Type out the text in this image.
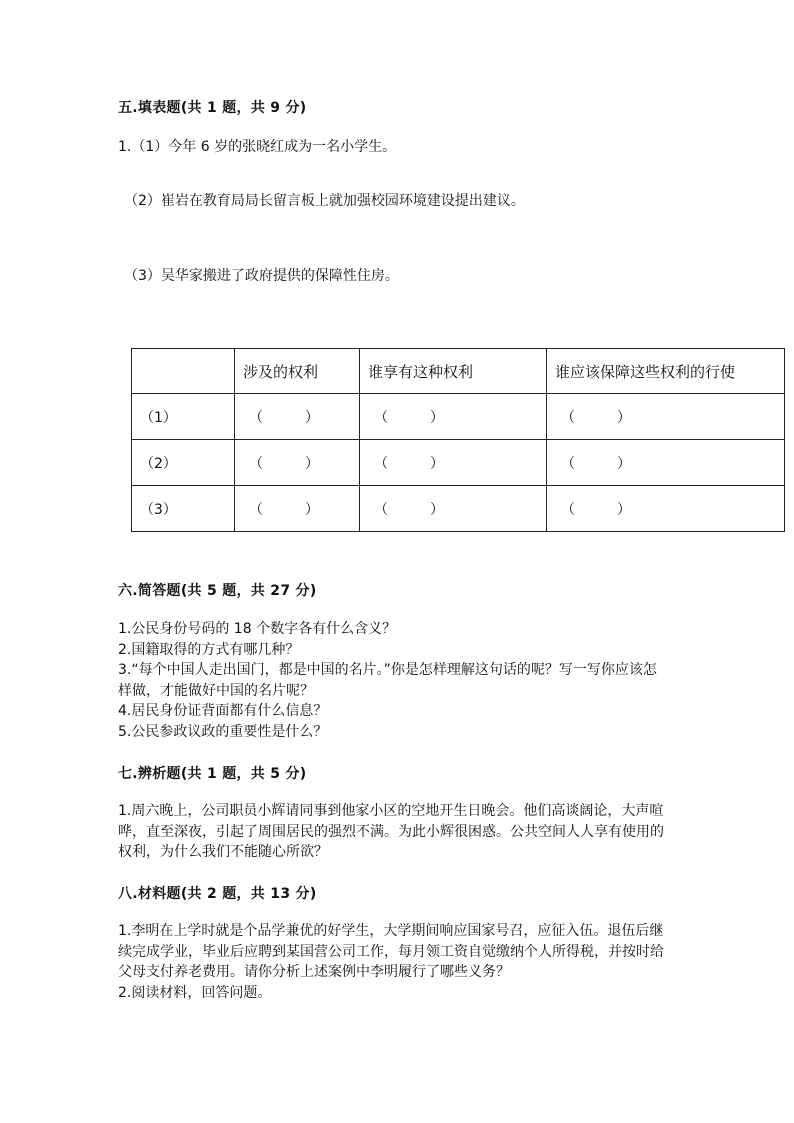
五.填表题(共 1 题，共 9 分)
1.（1）今年 6 岁的张晓红成为一名小学生。
（2）崔岩在教育局局长留言板上就加强校园环境建设提出建议。
（3）吴华家搬进了政府提供的保障性住房。
	涉及的权利	谁享有这种权利	谁应该保障这些权利的行使
（1）	（　　　）	（　　　）	（　　　）
（2）	（　　　）	（　　　）	（　　　）
（3）	（　　　）	（　　　）	（　　　）
六.简答题(共 5 题，共 27 分)

1.公民身份号码的 18 个数字各有什么含义？

2.国籍取得的方式有哪几种？

3.“每个中国人走出国门，都是中国的名片。”你是怎样理解这句话的呢？写一写你应该怎样做，才能做好中国的名片呢？

4.居民身份证背面都有什么信息？

5.公民参政议政的重要性是什么？

七.辨析题(共 1 题，共 5 分)

1.周六晚上，公司职员小辉请同事到他家小区的空地开生日晚会。他们高谈阔论，大声喧哗，直至深夜，引起了周围居民的强烈不满。为此小辉很困惑。公共空间人人享有使用的权利，为什么我们不能随心所欲？

八.材料题(共 2 题，共 13 分)

1.李明在上学时就是个品学兼优的好学生，大学期间响应国家号召，应征入伍。退伍后继续完成学业，毕业后应聘到某国营公司工作，每月领工资自觉缴纳个人所得税，并按时给父母支付养老费用。请你分析上述案例中李明履行了哪些义务？

2.阅读材料，回答问题。
